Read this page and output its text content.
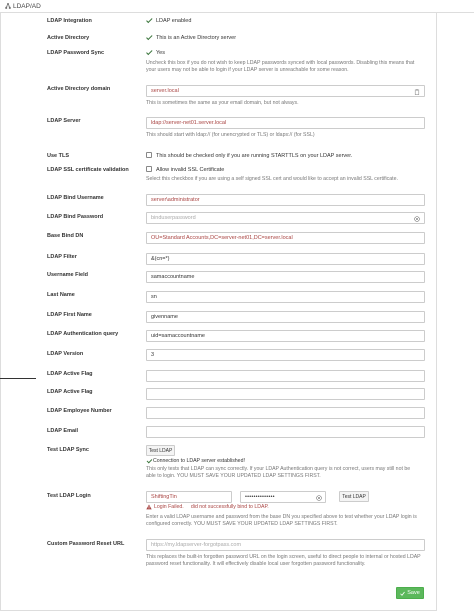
LDAP/AD
LDAP Integration	LDAP enabled
Active Directory	This is an Active Directory server
LDAP Password Sync	Yes
Uncheck this box if you do not wish to keep LDAP passwords synced with local passwords. Disabling this means that your users may not be able to login if your LDAP server is unreachable for some reason.
Active Directory domain	server.local
This is sometimes the same as your email domain, but not always.
LDAP Server	ldap://server-net01.server.local
This should start with ldap:// (for unencrypted or TLS) or ldaps:// (for SSL)
Use TLS	This should be checked only if you are running STARTTLS on your LDAP server.
LDAP SSL certificate validation	Allow invalid SSL Certificate
Select this checkbox if you are using a self signed SSL cert and would like to accept an invalid SSL certificate.
LDAP Bind Username	server\administrator
LDAP Bind Password	binduserpassword
Base Bind DN	OU=Standard Accounts,DC=server-net01,DC=server.local
LDAP Filter	&(cn=*)
Username Field	samaccountname
Last Name	sn
LDAP First Name	givenname
LDAP Authentication query	uid=samaccountname
LDAP Version	3
LDAP Active Flag
LDAP Active Flag
LDAP Employee Number
LDAP Email
Test LDAP Sync	Test LDAP
Connection to LDAP server established!
This only tests that LDAP can sync correctly. If your LDAP Authentication query is not correct, users may still not be able to login. YOU MUST SAVE YOUR UPDATED LDAP SETTINGS FIRST.
Test LDAP Login	ShiftingTin	••••••••••••••	Test LDAP
Login Failed.     did not successfully bind to LDAP.
Enter a valid LDAP username and password from the base DN you specified above to test whether your LDAP login is configured correctly. YOU MUST SAVE YOUR UPDATED LDAP SETTINGS FIRST.
Custom Password Reset URL	https://my.ldapserver-forgotpass.com
This replaces the built-in forgotten password URL on the login screen, useful to direct people to internal or hosted LDAP password reset functionality. It will effectively disable local user forgotten password functionality.
Save
